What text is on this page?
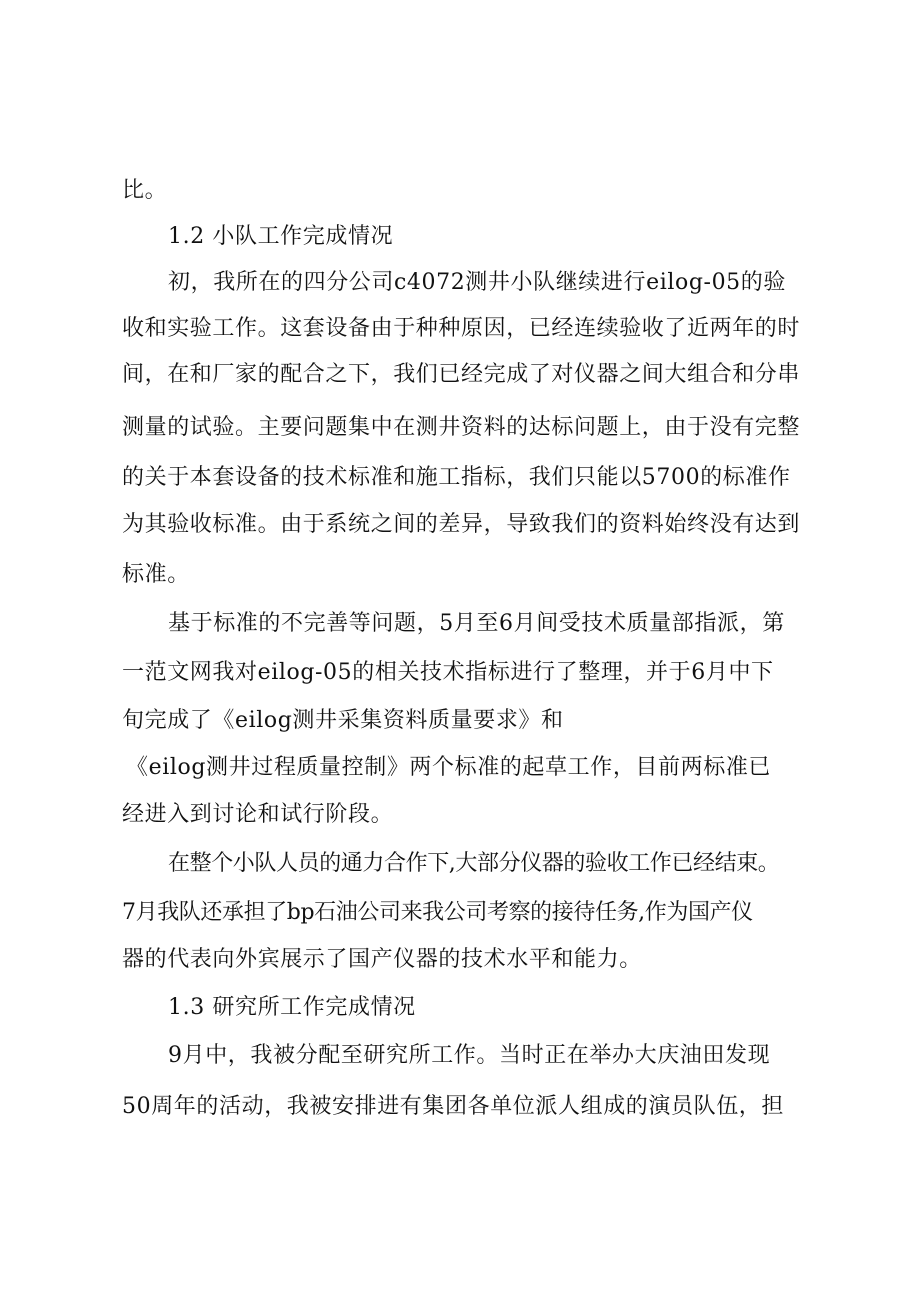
比。
1.2 小队工作完成情况
初，我所在的四分公司c4072测井小队继续进行eilog-05的验
收和实验工作。这套设备由于种种原因，已经连续验收了近两年的时
间，在和厂家的配合之下，我们已经完成了对仪器之间大组合和分串
测量的试验。主要问题集中在测井资料的达标问题上，由于没有完整
的关于本套设备的技术标准和施工指标，我们只能以5700的标准作
为其验收标准。由于系统之间的差异，导致我们的资料始终没有达到
标准。
基于标准的不完善等问题，5月至6月间受技术质量部指派，第
一范文网我对eilog-05的相关技术指标进行了整理，并于6月中下
旬完成了《eilog测井采集资料质量要求》和
《eilog测井过程质量控制》两个标准的起草工作，目前两标准已
经进入到讨论和试行阶段。
在整个小队人员的通力合作下,大部分仪器的验收工作已经结束。
7月我队还承担了bp石油公司来我公司考察的接待任务,作为国产仪
器的代表向外宾展示了国产仪器的技术水平和能力。
1.3 研究所工作完成情况
9月中，我被分配至研究所工作。当时正在举办大庆油田发现
50周年的活动，我被安排进有集团各单位派人组成的演员队伍，担
